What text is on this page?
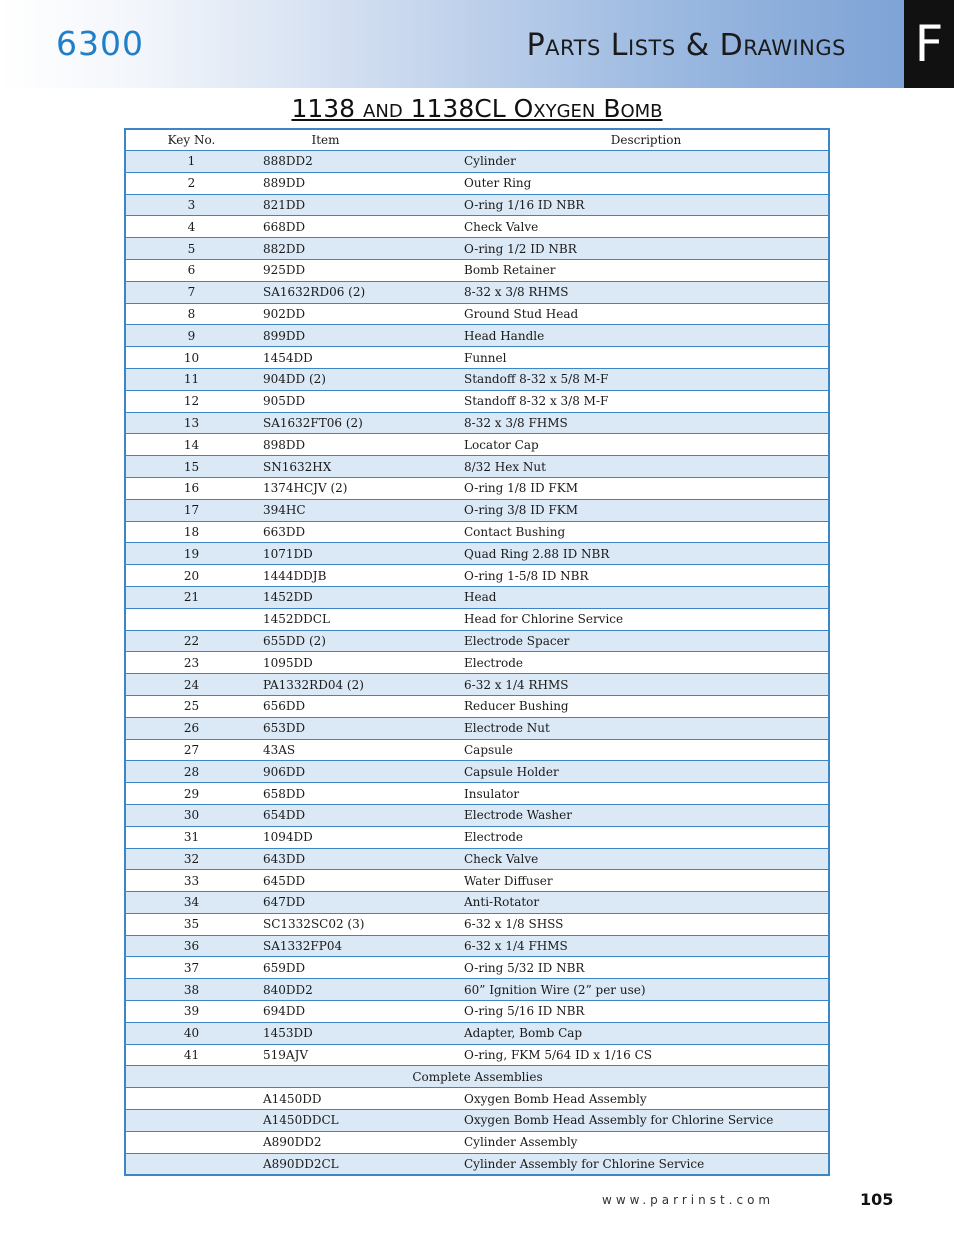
6300	Parts Lists & Drawings F
1138 and 1138CL Oxygen Bomb
Key No.	Item	Description
1	888DD2	Cylinder
2	889DD	Outer Ring
3	821DD	O-ring 1/16 ID NBR
4	668DD	Check Valve
5	882DD	O-ring 1/2 ID NBR
6	925DD	Bomb Retainer
7	SA1632RD06 (2)	8-32 x 3/8 RHMS
8	902DD	Ground Stud Head
9	899DD	Head Handle
10	1454DD	Funnel
11	904DD (2)	Standoff 8-32 x 5/8 M-F
12	905DD	Standoff 8-32 x 3/8 M-F
13	SA1632FT06 (2)	8-32 x 3/8 FHMS
14	898DD	Locator Cap
15	SN1632HX	8/32 Hex Nut
16	1374HCJV (2)	O-ring 1/8 ID FKM
17	394HC	O-ring 3/8 ID FKM
18	663DD	Contact Bushing
19	1071DD	Quad Ring 2.88 ID NBR
20	1444DDJB	O-ring 1-5/8 ID NBR
21	1452DD	Head
	1452DDCL	Head for Chlorine Service
22	655DD (2)	Electrode Spacer
23	1095DD	Electrode
24	PA1332RD04 (2)	6-32 x 1/4 RHMS
25	656DD	Reducer Bushing
26	653DD	Electrode Nut
27	43AS	Capsule
28	906DD	Capsule Holder
29	658DD	Insulator
30	654DD	Electrode Washer
31	1094DD	Electrode
32	643DD	Check Valve
33	645DD	Water Diffuser
34	647DD	Anti-Rotator
35	SC1332SC02 (3)	6-32 x 1/8 SHSS
36	SA1332FP04	6-32 x 1/4 FHMS
37	659DD	O-ring 5/32 ID NBR
38	840DD2	60” Ignition Wire (2” per use)
39	694DD	O-ring 5/16 ID NBR
40	1453DD	Adapter, Bomb Cap
41	519AJV	O-ring, FKM 5/64 ID x 1/16 CS
	Complete Assemblies	
	A1450DD	Oxygen Bomb Head Assembly
	A1450DDCL	Oxygen Bomb Head Assembly for Chlorine Service
	A890DD2	Cylinder Assembly
	A890DD2CL	Cylinder Assembly for Chlorine Service
www.parrinst.com	105
